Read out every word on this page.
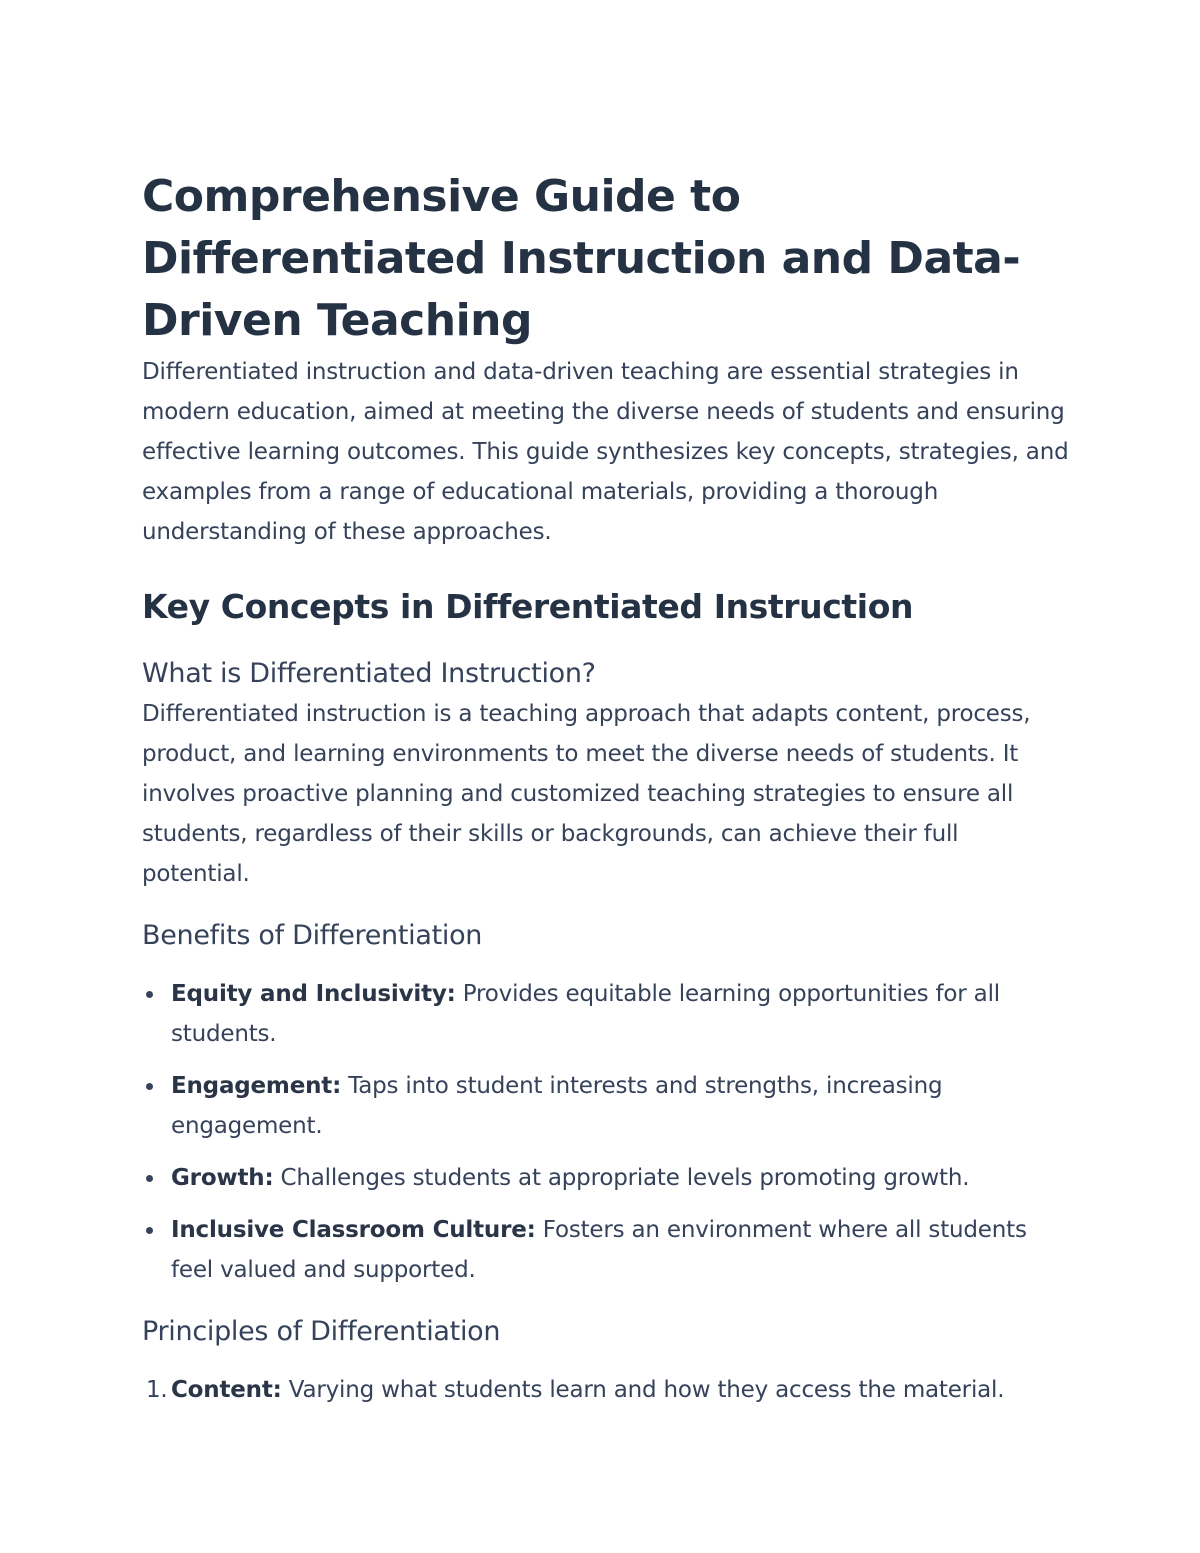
Comprehensive Guide to Differentiated Instruction and Data-Driven Teaching

Differentiated instruction and data-driven teaching are essential strategies in modern education, aimed at meeting the diverse needs of students and ensuring effective learning outcomes. This guide synthesizes key concepts, strategies, and examples from a range of educational materials, providing a thorough understanding of these approaches.

Key Concepts in Differentiated Instruction
What is Differentiated Instruction?

Differentiated instruction is a teaching approach that adapts content, process, product, and learning environments to meet the diverse needs of students. It involves proactive planning and customized teaching strategies to ensure all students, regardless of their skills or backgrounds, can achieve their full potential.

Benefits of Differentiation
Equity and Inclusivity: Provides equitable learning opportunities for all students.
Engagement: Taps into student interests and strengths, increasing engagement.
Growth: Challenges students at appropriate levels promoting growth.
Inclusive Classroom Culture: Fosters an environment where all students feel valued and supported.
Principles of Differentiation
1. Content: Varying what students learn and how they access the material.
